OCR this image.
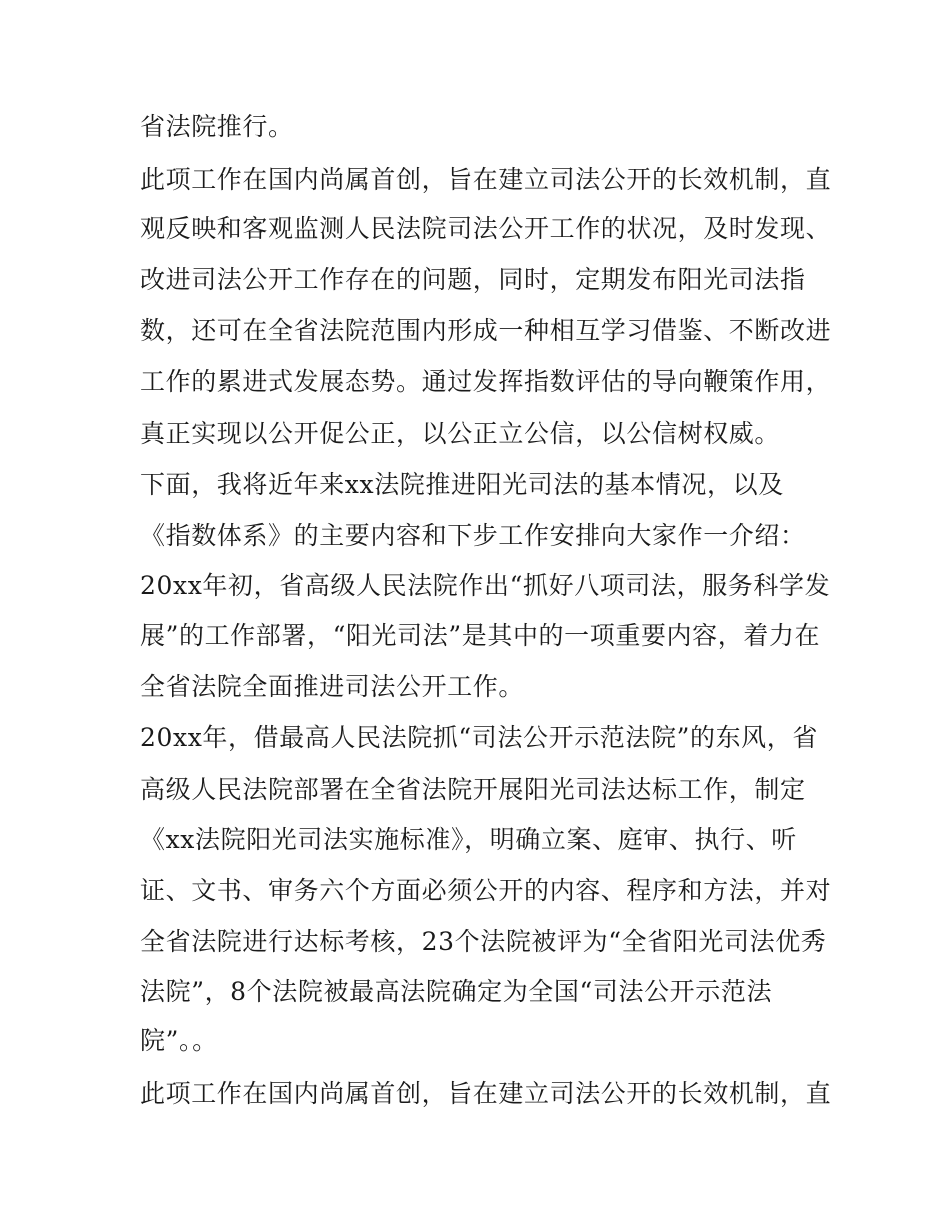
省法院推行。

此项工作在国内尚属首创，旨在建立司法公开的长效机制，直

观反映和客观监测人民法院司法公开工作的状况，及时发现、

改进司法公开工作存在的问题，同时，定期发布阳光司法指

数，还可在全省法院范围内形成一种相互学习借鉴、不断改进

工作的累进式发展态势。通过发挥指数评估的导向鞭策作用，

真正实现以公开促公正，以公正立公信，以公信树权威。

下面，我将近年来xx法院推进阳光司法的基本情况，以及

《指数体系》的主要内容和下步工作安排向大家作一介绍：

20xx年初，省高级人民法院作出“抓好八项司法，服务科学发

展”的工作部署，“阳光司法”是其中的一项重要内容，着力在

全省法院全面推进司法公开工作。

20xx年，借最高人民法院抓“司法公开示范法院”的东风，省

高级人民法院部署在全省法院开展阳光司法达标工作，制定

《xx法院阳光司法实施标准》，明确立案、庭审、执行、听

证、文书、审务六个方面必须公开的内容、程序和方法，并对

全省法院进行达标考核，23个法院被评为“全省阳光司法优秀

法院”，8个法院被最高法院确定为全国“司法公开示范法

院”。。

此项工作在国内尚属首创，旨在建立司法公开的长效机制，直
